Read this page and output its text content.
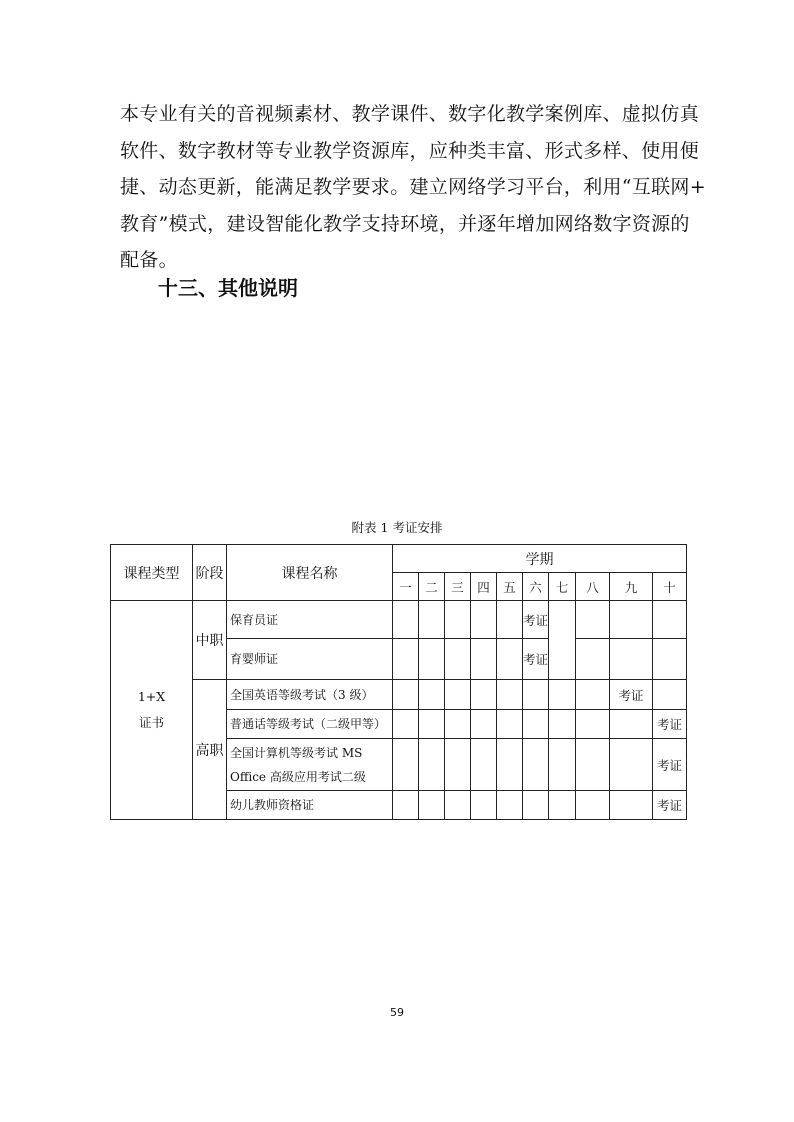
本专业有关的音视频素材、教学课件、数字化教学案例库、虚拟仿真

软件、数字教材等专业教学资源库，应种类丰富、形式多样、使用便

捷、动态更新，能满足教学要求。建立网络学习平台，利用“互联网+

教育”模式，建设智能化教学支持环境，并逐年增加网络数字资源的

配备。

十三、其他说明
附表 1 考证安排
课程类型	阶段	课程名称	学期									
			一	二	三	四	五	六	七	八	九	十
1+X
证书	中职	保育员证						考证				
		育婴师证						考证				
	高职	全国英语等级考试（3 级）									考证	
		普通话等级考试（二级甲等）										考证
		全国计算机等级考试 MS
Office 高级应用考试二级										考证
		幼儿教师资格证										考证
59
